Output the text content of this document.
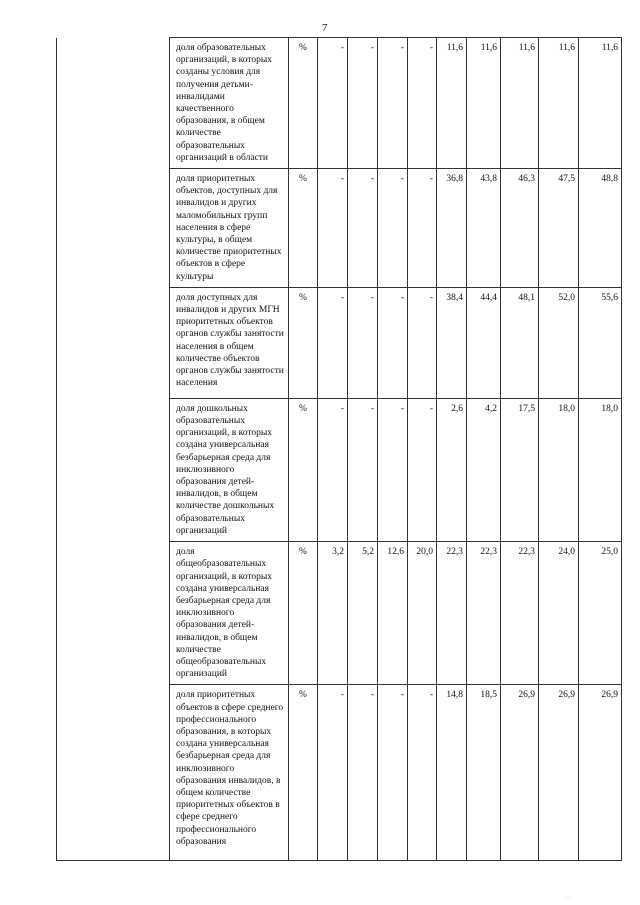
7
	доля образовательных организаций, в которых созданы условия для получения детьми-инвалидами качественного образования, в общем количестве образовательных организаций в области	%	-	-	-	-	11,6	11,6	11,6	11,6	11,6
	доля приоритетных объектов, доступных для инвалидов и других маломобильных групп населения в сфере культуры, в общем количестве приоритетных объектов в сфере культуры	%	-	-	-	-	36,8	43,8	46,3	47,5	48,8
	доля доступных для инвалидов и других МГН приоритетных объектов органов службы занятости населения в общем количестве объектов органов службы занятости населения	%	-	-	-	-	38,4	44,4	48,1	52,0	55,6
	доля дошкольных образовательных организаций, в которых создана универсальная безбарьерная среда для инклюзивного образования детей-инвалидов, в общем количестве дошкольных образовательных организаций	%	-	-	-	-	2,6	4,2	17,5	18,0	18,0
	доля общеобразовательных организаций, в которых создана универсальная безбарьерная среда для инклюзивного образования детей-инвалидов, в общем количестве общеобразовательных организаций	%	3,2	5,2	12,6	20,0	22,3	22,3	22,3	24,0	25,0
	доля приоритетных объектов в сфере среднего профессионального образования, в которых создана универсальная безбарьерная среда для инклюзивного образования инвалидов, в общем количестве приоритетных объектов в сфере среднего профессионального образования	%	-	-	-	-	14,8	18,5	26,9	26,9	26,9
. .
